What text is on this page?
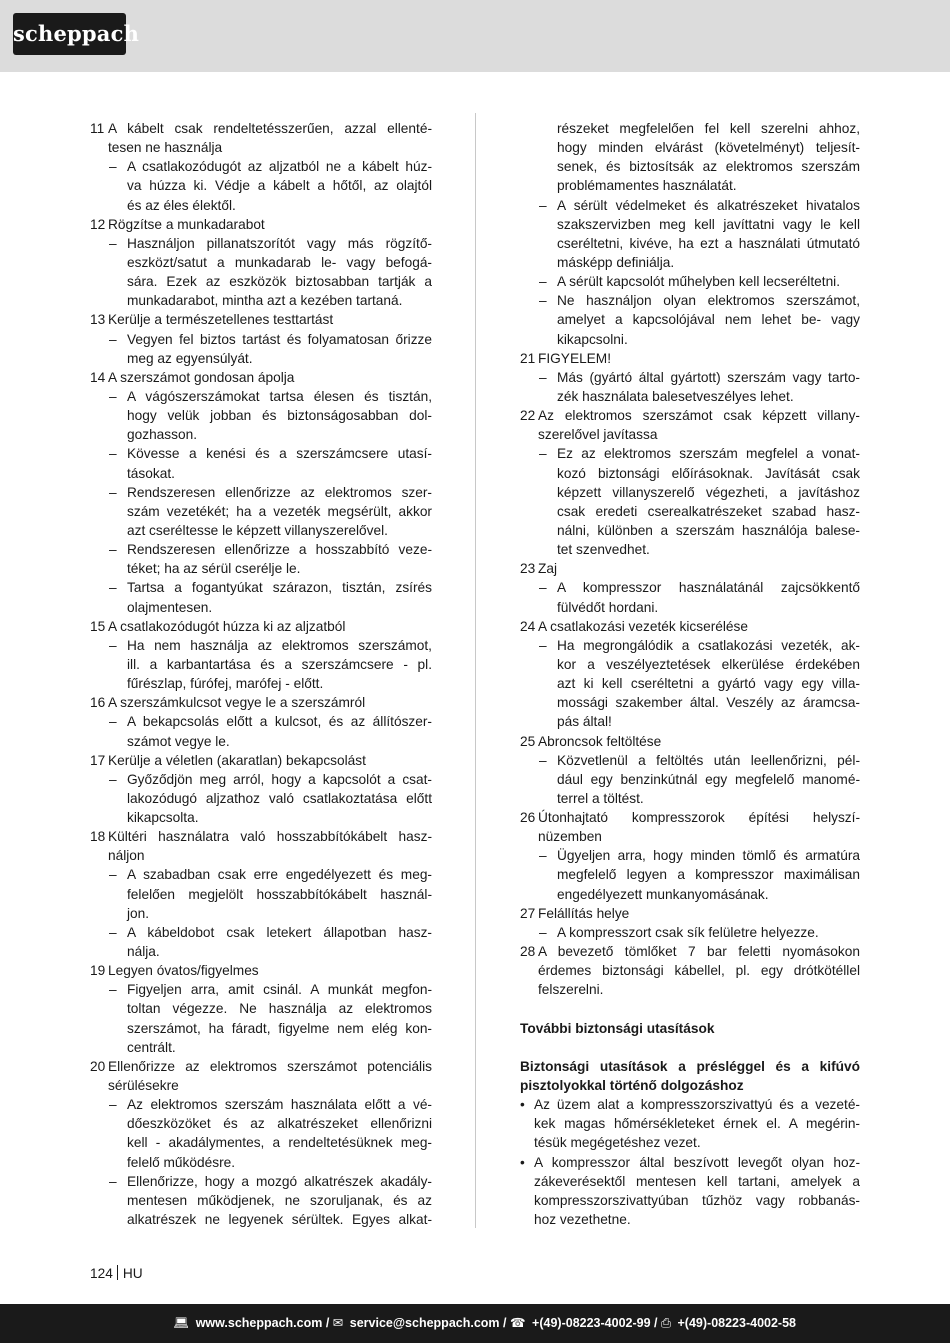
scheppach
11 A kábelt csak rendeltetésszerűen, azzal ellenté-
tesen ne használja
– A csatlakozódugót az aljzatból ne a kábelt húz-
va húzza ki. Védje a kábelt a hőtől, az olajtól
és az éles élektől.
12 Rögzítse a munkadarabot
– Használjon pillanatszorítót vagy más rögzítő-
eszközt/satut a munkadarab le- vagy befogá-
sára. Ezek az eszközök biztosabban tartják a
munkadarabot, mintha azt a kezében tartaná.
13 Kerülje a természetellenes testtartást
– Vegyen fel biztos tartást és folyamatosan őrizze
meg az egyensúlyát.
14 A szerszámot gondosan ápolja
– A vágószerszámokat tartsa élesen és tisztán,
hogy velük jobban és biztonságosabban dol-
gozhasson.
– Kövesse a kenési és a szerszámcsere utasí-
tásokat.
– Rendszeresen ellenőrizze az elektromos szer-
szám vezetékét; ha a vezeték megsérült, akkor
azt cseréltesse le képzett villanyszerelővel.
– Rendszeresen ellenőrizze a hosszabbító veze-
téket; ha az sérül cserélje le.
– Tartsa a fogantyúkat szárazon, tisztán, zsírés
olajmentesen.
15 A csatlakozódugót húzza ki az aljzatból
– Ha nem használja az elektromos szerszámot,
ill. a karbantartása és a szerszámcsere - pl.
fűrészlap, fúrófej, marófej - előtt.
16 A szerszámkulcsot vegye le a szerszámról
– A bekapcsolás előtt a kulcsot, és az állítószer-
számot vegye le.
17 Kerülje a véletlen (akaratlan) bekapcsolást
– Győződjön meg arról, hogy a kapcsolót a csat-
lakozódugó aljzathoz való csatlakoztatása előtt
kikapcsolta.
18 Kültéri használatra való hosszabbítókábelt hasz-
náljon
– A szabadban csak erre engedélyezett és meg-
felelően megjelölt hosszabbítókábelt használ-
jon.
– A kábeldobot csak letekert állapotban hasz-
nálja.
19 Legyen óvatos/figyelmes
– Figyeljen arra, amit csinál. A munkát megfon-
toltan végezze. Ne használja az elektromos
szerszámot, ha fáradt, figyelme nem elég kon-
centrált.
20 Ellenőrizze az elektromos szerszámot potenciális
sérülésekre
– Az elektromos szerszám használata előtt a vé-
dőeszközöket és az alkatrészeket ellenőrizni
kell - akadálymentes, a rendeltetésüknek meg-
felelő működésre.
– Ellenőrizze, hogy a mozgó alkatrészek akadály-
mentesen működjenek, ne szoruljanak, és az
alkatrészek ne legyenek sérültek. Egyes alkat-
részeket megfelelően fel kell szerelni ahhoz,
hogy minden elvárást (követelményt) teljesít-
senek, és biztosítsák az elektromos szerszám
problémamentes használatát.
– A sérült védelmeket és alkatrészeket hivatalos
szakszervizben meg kell javíttatni vagy le kell
cseréltetni, kivéve, ha ezt a használati útmutató
másképp definiálja.
– A sérült kapcsolót műhelyben kell lecseréltetni.
– Ne használjon olyan elektromos szerszámot,
amelyet a kapcsolójával nem lehet be- vagy
kikapcsolni.
21 FIGYELEM!
– Más (gyártó által gyártott) szerszám vagy tarto-
zék használata balesetveszélyes lehet.
22 Az elektromos szerszámot csak képzett villany-
szerelővel javítassa
– Ez az elektromos szerszám megfelel a vonat-
kozó biztonsági előírásoknak. Javítását csak
képzett villanyszerelő végezheti, a javításhoz
csak eredeti cserealkatrészeket szabad hasz-
nálni, különben a szerszám használója balese-
tet szenvedhet.
23 Zaj
– A kompresszor használatánál zajcsökkentő
fülvédőt hordani.
24 A csatlakozási vezeték kicserélése
– Ha megrongálódik a csatlakozási vezeték, ak-
kor a veszélyeztetések elkerülése érdekében
azt ki kell cseréltetni a gyártó vagy egy villa-
mossági szakember által. Veszély az áramcsa-
pás által!
25 Abroncsok feltöltése
– Közvetlenül a feltöltés után leellenőrizni, pél-
dául egy benzinkútnál egy megfelelő manomé-
terrel a töltést.
26 Útonhajtató kompresszorok építési helyszí-
nüzemben
– Ügyeljen arra, hogy minden tömlő és armatúra
megfelelő legyen a kompresszor maximálisan
engedélyezett munkanyomásának.
27 Felállítás helye
– A kompresszort csak sík felületre helyezze.
28 A bevezető tömlőket 7 bar feletti nyomásokon
érdemes biztonsági kábellel, pl. egy drótkötéllel
felszerelni.
További biztonsági utasítások
Biztonsági utasítások a présléggel és a kifúvó
pisztolyokkal történő dolgozáshoz
• Az üzem alat a kompresszorszivattyú és a vezeté-
kek magas hőmérsékleteket érnek el. A megérin-
tésük megégetéshez vezet.
• A kompresszor által beszívott levegőt olyan hoz-
zákeverésektől mentesen kell tartani, amelyek a
kompresszorszivattyúban tűzhöz vagy robbanás-
hoz vezethetne.
124 HU
💻︎ www.scheppach.com / ✉︎ service@scheppach.com / ☎︎ +(49)-08223-4002-99 / ⎙ +(49)-08223-4002-58
